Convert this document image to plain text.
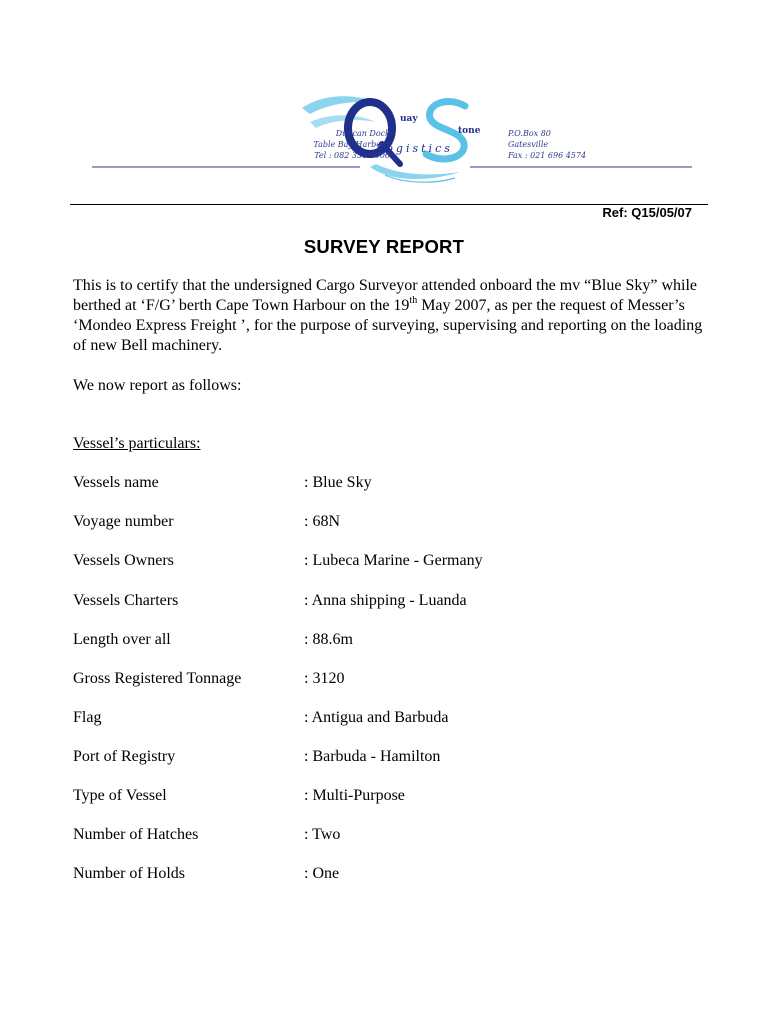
uay
tone
Logistics
Duncan Dock
Table Bay Harbour
Tel : 082 336 3006
P.O.Box 80
Gatesville
Fax : 021 696 4574
Ref: Q15/05/07
SURVEY REPORT
This is to certify that the undersigned Cargo Surveyor attended onboard the mv “Blue Sky” while berthed at ‘F/G’ berth Cape Town Harbour on the 19th May 2007, as per the request of Messer’s ‘Mondeo Express Freight ’, for the purpose of surveying, supervising and reporting on the loading of new Bell machinery.
We now report as follows:
Vessel’s particulars:
Vessels name	: Blue Sky
Voyage number	: 68N
Vessels Owners	: Lubeca Marine - Germany
Vessels Charters	: Anna shipping - Luanda
Length over all	: 88.6m
Gross Registered Tonnage	: 3120
Flag	: Antigua and Barbuda
Port of Registry	: Barbuda - Hamilton
Type of Vessel	: Multi-Purpose
Number of Hatches	: Two
Number of Holds	: One
